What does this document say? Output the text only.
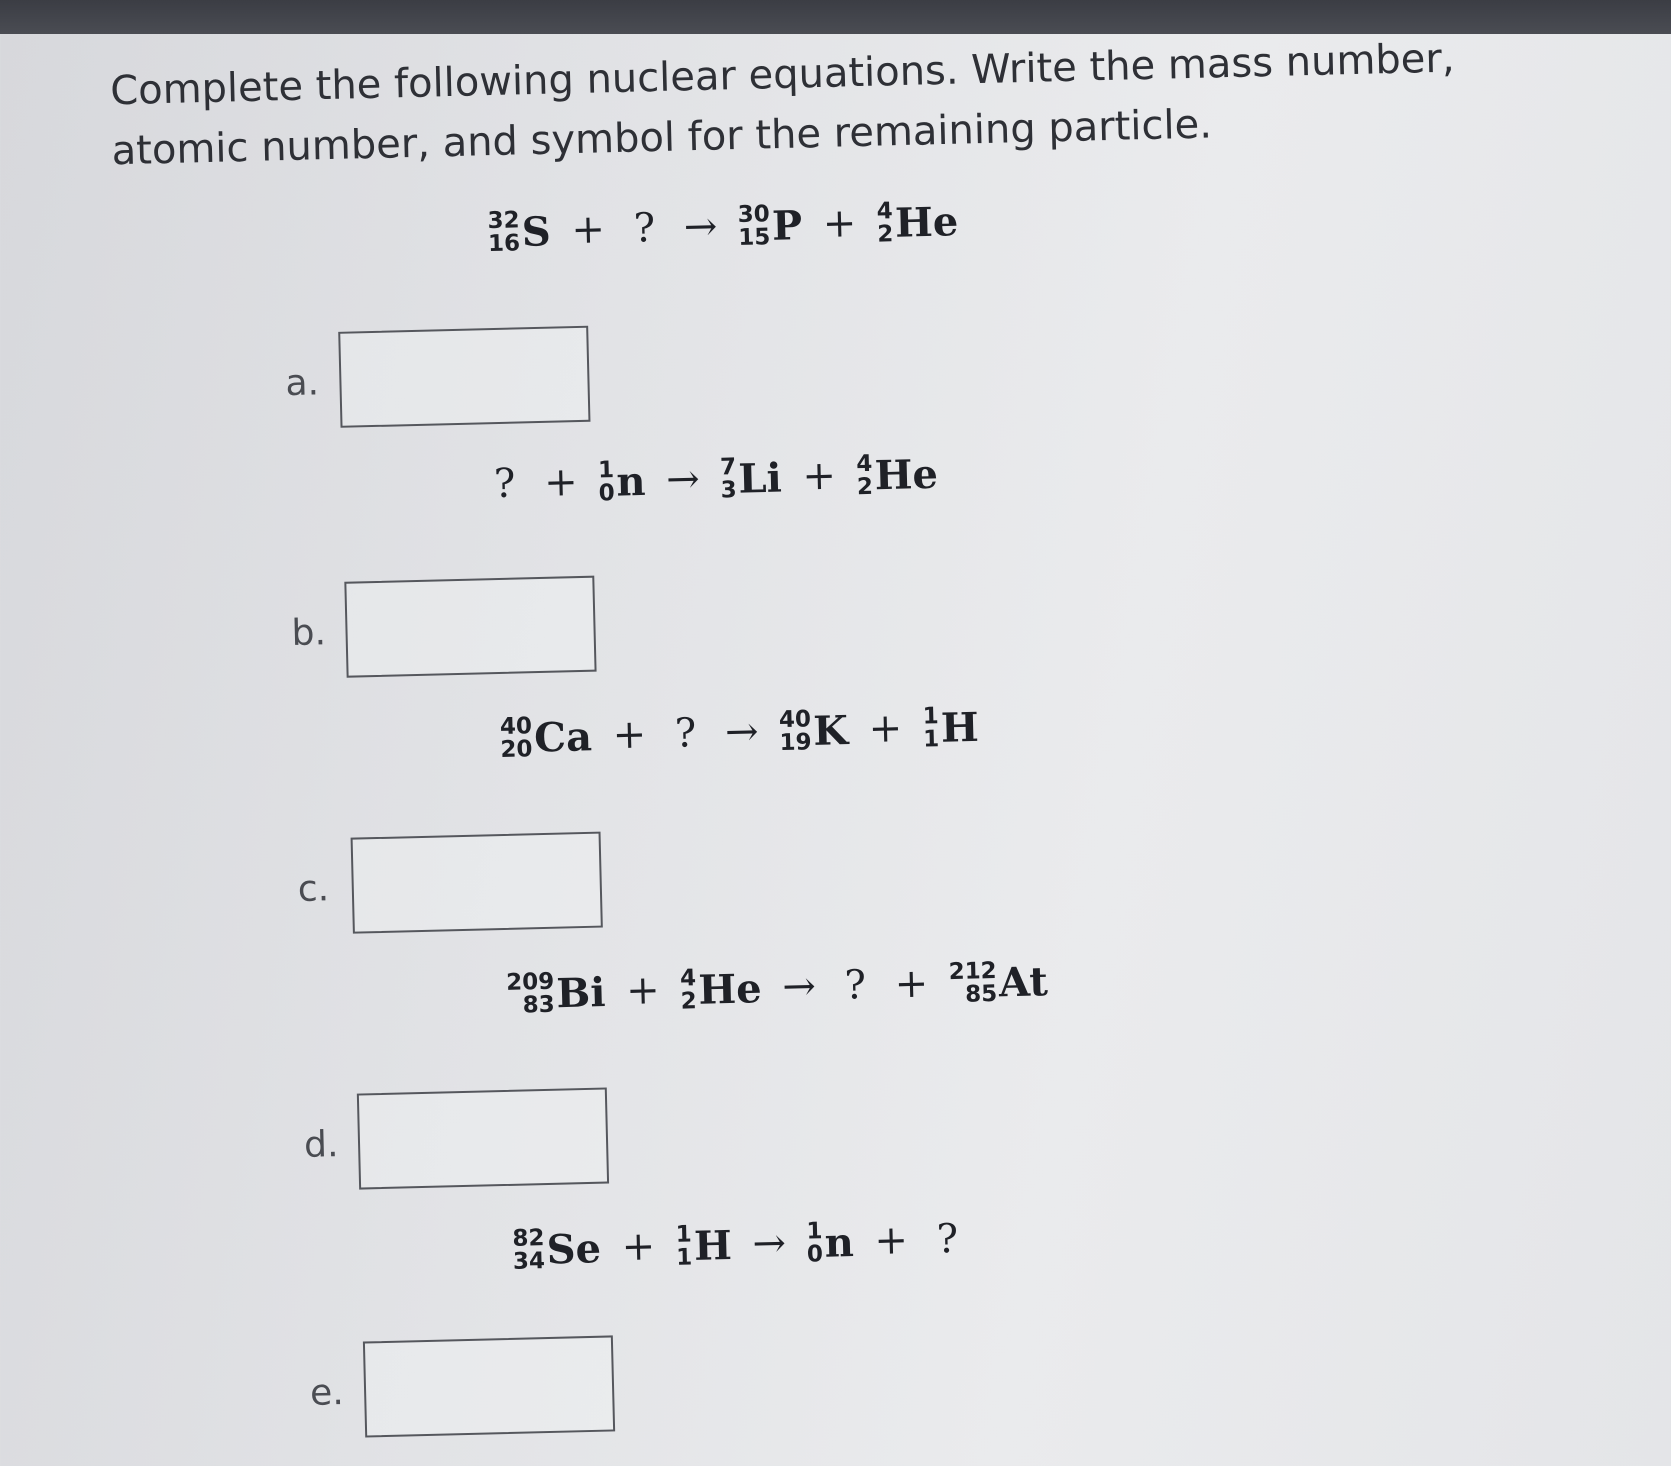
Complete the following nuclear equations. Write the mass number, atomic number, and symbol for the remaining particle.
32
16 S + ? → 30
15 P + 4
2 He
a.
? + 1
0 n → 7
3 Li + 4
2 He
b.
40
20 Ca + ? → 40
19 K + 1
1 H
c.
209
83 Bi + 4
2 He → ? + 212
85 At
d.
82
34 Se + 1
1 H → 1
0 n + ?
e.
